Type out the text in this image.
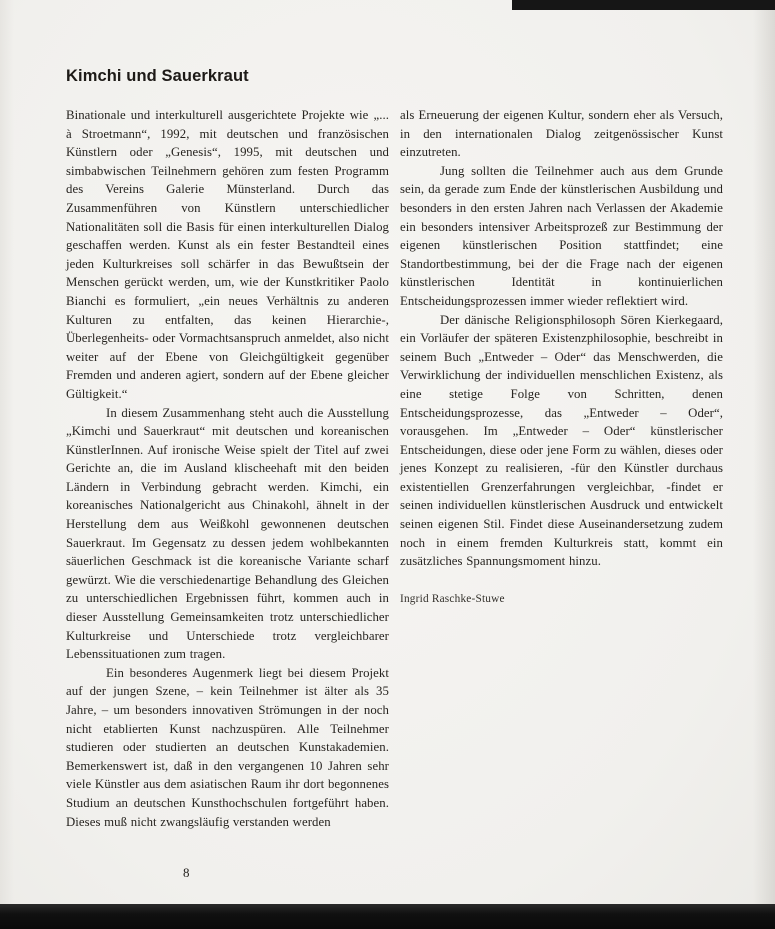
Kimchi und Sauerkraut

Binationale und interkulturell ausgerichtete Projekte wie „... à Stroetmann“, 1992, mit deutschen und französischen Künstlern oder „Genesis“, 1995, mit deutschen und simbabwischen Teilnehmern gehören zum festen Programm des Vereins Galerie Münsterland. Durch das Zusammenführen von Künstlern unterschiedlicher Nationalitäten soll die Basis für einen interkulturellen Dialog geschaffen werden. Kunst als ein fester Bestandteil eines jeden Kulturkreises soll schärfer in das Bewußtsein der Menschen gerückt werden, um, wie der Kunstkritiker Paolo Bianchi es formuliert, „ein neues Verhältnis zu anderen Kulturen zu entfalten, das keinen Hierarchie-, Überlegenheits- oder Vormachtsanspruch anmeldet, also nicht weiter auf der Ebene von Gleichgültigkeit gegenüber Fremden und anderen agiert, sondern auf der Ebene gleicher Gültigkeit.“

In diesem Zusammenhang steht auch die Ausstellung „Kimchi und Sauerkraut“ mit deutschen und koreanischen KünstlerInnen. Auf ironische Weise spielt der Titel auf zwei Gerichte an, die im Ausland klischeehaft mit den beiden Ländern in Verbindung gebracht werden. Kimchi, ein koreanisches Nationalgericht aus Chinakohl, ähnelt in der Herstellung dem aus Weißkohl gewonnenen deutschen Sauerkraut. Im Gegensatz zu dessen jedem wohlbekannten säuerlichen Geschmack ist die koreanische Variante scharf gewürzt. Wie die verschiedenartige Behandlung des Gleichen zu unterschiedlichen Ergebnissen führt, kommen auch in dieser Ausstellung Gemeinsamkeiten trotz unterschiedlicher Kulturkreise und Unterschiede trotz vergleichbarer Lebenssituationen zum tragen.

Ein besonderes Augenmerk liegt bei diesem Projekt auf der jungen Szene, – kein Teilnehmer ist älter als 35 Jahre, – um besonders innovativen Strömungen in der noch nicht etablierten Kunst nachzuspüren. Alle Teilnehmer studieren oder studierten an deutschen Kunstakademien. Bemerkenswert ist, daß in den vergangenen 10 Jahren sehr viele Künstler aus dem asiatischen Raum ihr dort begonnenes Studium an deutschen Kunsthochschulen fortgeführt haben. Dieses muß nicht zwangsläufig verstanden werden

als Erneuerung der eigenen Kultur, sondern eher als Versuch, in den internationalen Dialog zeitgenössischer Kunst einzutreten.

Jung sollten die Teilnehmer auch aus dem Grunde sein, da gerade zum Ende der künstlerischen Ausbildung und besonders in den ersten Jahren nach Verlassen der Akademie ein besonders intensiver Arbeitsprozeß zur Bestimmung der eigenen künstlerischen Position stattfindet; eine Standortbestimmung, bei der die Frage nach der eigenen künstlerischen Identität in kontinuierlichen Entscheidungsprozessen immer wieder reflektiert wird.

Der dänische Religionsphilosoph Sören Kierkegaard, ein Vorläufer der späteren Existenzphilosophie, beschreibt in seinem Buch „Entweder – Oder“ das Menschwerden, die Verwirklichung der individuellen menschlichen Existenz, als eine stetige Folge von Schritten, denen Entscheidungsprozesse, das „Entweder – Oder“, vorausgehen. Im „Entweder – Oder“ künstlerischer Entscheidungen, diese oder jene Form zu wählen, dieses oder jenes Konzept zu realisieren, -für den Künstler durchaus existentiellen Grenzerfahrungen vergleichbar, -findet er seinen individuellen künstlerischen Ausdruck und entwickelt seinen eigenen Stil. Findet diese Auseinandersetzung zudem noch in einem fremden Kulturkreis statt, kommt ein zusätzliches Spannungsmoment hinzu.

Ingrid Raschke-Stuwe
8
